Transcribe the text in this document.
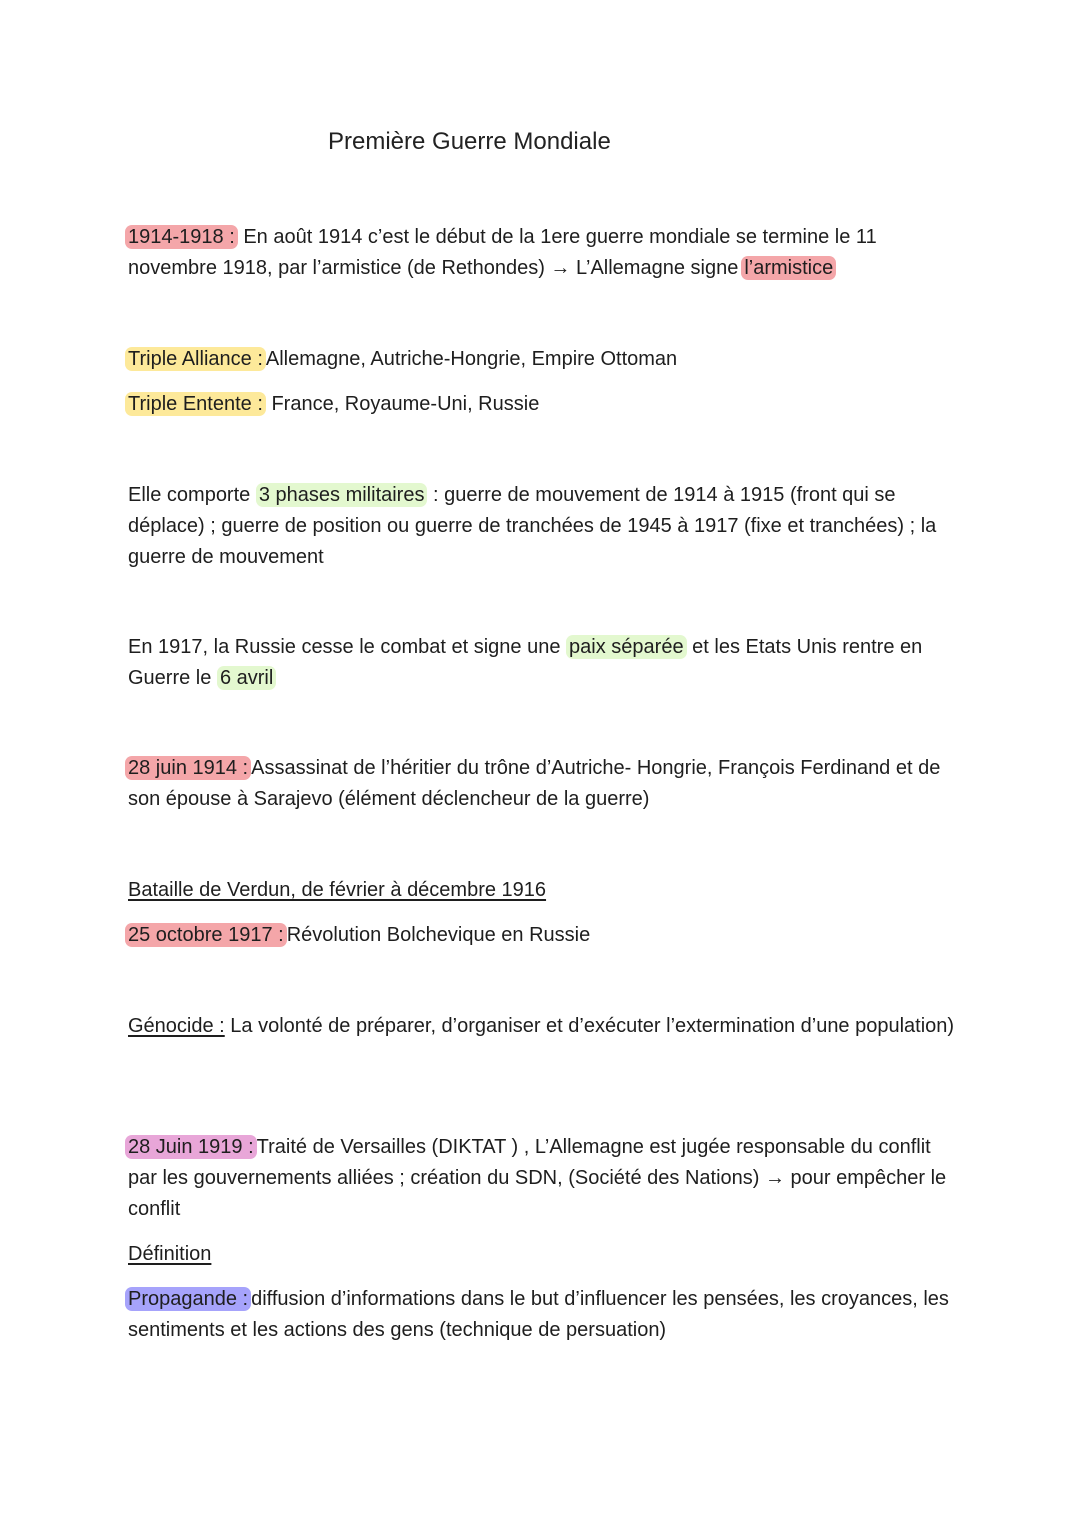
Première Guerre Mondiale
1914-1918 : En août 1914 c’est le début de la 1ere guerre mondiale se termine le 11 novembre 1918, par l’armistice (de Rethondes) → L’Allemagne signe l’armistice
Triple Alliance : Allemagne, Autriche-Hongrie, Empire Ottoman
Triple Entente : France, Royaume-Uni, Russie
Elle comporte 3 phases militaires : guerre de mouvement de 1914 à 1915 (front qui se déplace) ; guerre de position ou guerre de tranchées de 1945 à 1917 (fixe et tranchées) ; la guerre de mouvement
En 1917, la Russie cesse le combat et signe une paix séparée et les Etats Unis rentre en Guerre le 6 avril
28 juin 1914 : Assassinat de l’héritier du trône d’Autriche- Hongrie, François Ferdinand et de son épouse à Sarajevo (élément déclencheur de la guerre)
Bataille de Verdun, de février à décembre 1916
25 octobre 1917 : Révolution Bolchevique en Russie
Génocide : La volonté de préparer, d’organiser et d’exécuter l’extermination d’une population)
28 Juin 1919 : Traité de Versailles (DIKTAT ) , L’Allemagne est jugée responsable du conflit par les gouvernements alliées ; création du SDN, (Société des Nations) → pour empêcher le conflit
Définition
Propagande : diffusion d’informations dans le but d’influencer les pensées, les croyances, les sentiments et les actions des gens (technique de persuation)
